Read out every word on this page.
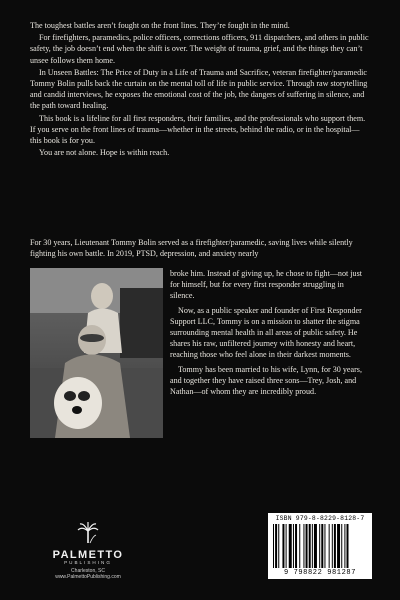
The toughest battles aren’t fought on the front lines. They’re fought in the mind.

For firefighters, paramedics, police officers, corrections officers, 911 dispatchers, and others in public safety, the job doesn’t end when the shift is over. The weight of trauma, grief, and the things they can’t unsee follows them home.

In Unseen Battles: The Price of Duty in a Life of Trauma and Sacrifice, veteran firefighter/paramedic Tommy Bolin pulls back the curtain on the mental toll of life in public service. Through raw storytelling and candid interviews, he exposes the emotional cost of the job, the dangers of suffering in silence, and the path toward healing.

This book is a lifeline for all first responders, their families, and the professionals who support them. If you serve on the front lines of trauma—whether in the streets, behind the radio, or in the hospital—this book is for you.

You are not alone. Hope is within reach.

For 30 years, Lieutenant Tommy Bolin served as a firefighter/paramedic, saving lives while silently fighting his own battle. In 2019, PTSD, depression, and anxiety nearly

broke him. Instead of giving up, he chose to fight—not just for himself, but for every first responder struggling in silence.

Now, as a public speaker and founder of First Responder Support LLC, Tommy is on a mission to shatter the stigma surrounding mental health in all areas of public safety. He shares his raw, unfiltered journey with honesty and heart, reaching those who feel alone in their darkest moments.

Tommy has been married to his wife, Lynn, for 30 years, and together they have raised three sons—Trey, Josh, and Nathan—of whom they are incredibly proud.

PALMETTO
PUBLISHING
Charleston, SC
www.PalmettoPublishing.com
ISBN 979-8-8229-8128-7
9 798822 981287
